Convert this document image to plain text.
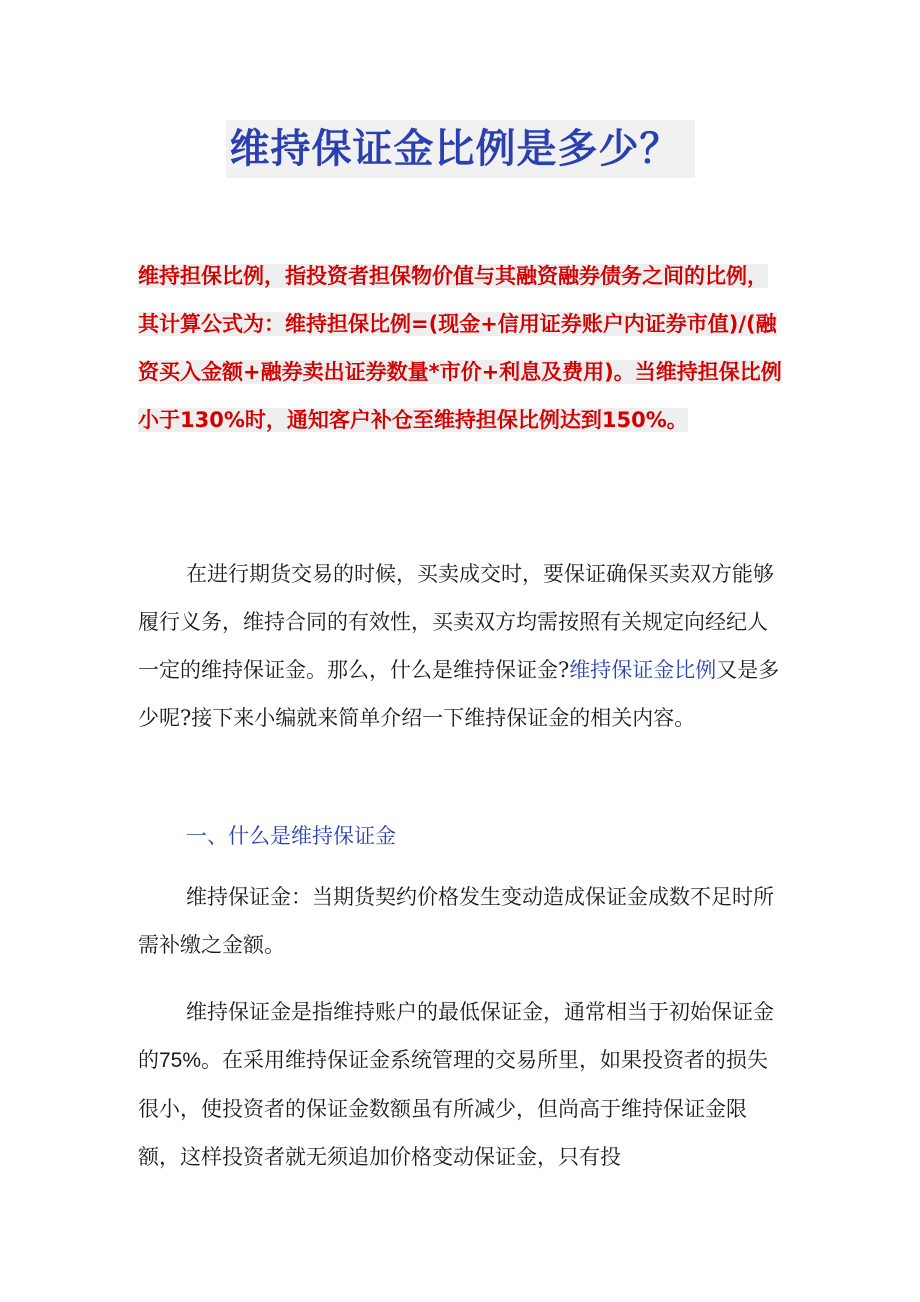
维持保证金比例是多少？
维持担保比例，指投资者担保物价值与其融资融券债务之间的比例，其计算公式为：维持担保比例=(现金+信用证券账户内证券市值)/(融资买入金额+融券卖出证券数量*市价+利息及费用)。当维持担保比例小于130%时，通知客户补仓至维持担保比例达到150%。
在进行期货交易的时候，买卖成交时，要保证确保买卖双方能够履行义务，维持合同的有效性，买卖双方均需按照有关规定向经纪人一定的维持保证金。那么，什么是维持保证金?维持保证金比例又是多少呢?接下来小编就来简单介绍一下维持保证金的相关内容。
一、什么是维持保证金
维持保证金：当期货契约价格发生变动造成保证金成数不足时所需补缴之金额。
维持保证金是指维持账户的最低保证金，通常相当于初始保证金的75%。在采用维持保证金系统管理的交易所里，如果投资者的损失很小，使投资者的保证金数额虽有所减少，但尚高于维持保证金限额，这样投资者就无须追加价格变动保证金，只有投
